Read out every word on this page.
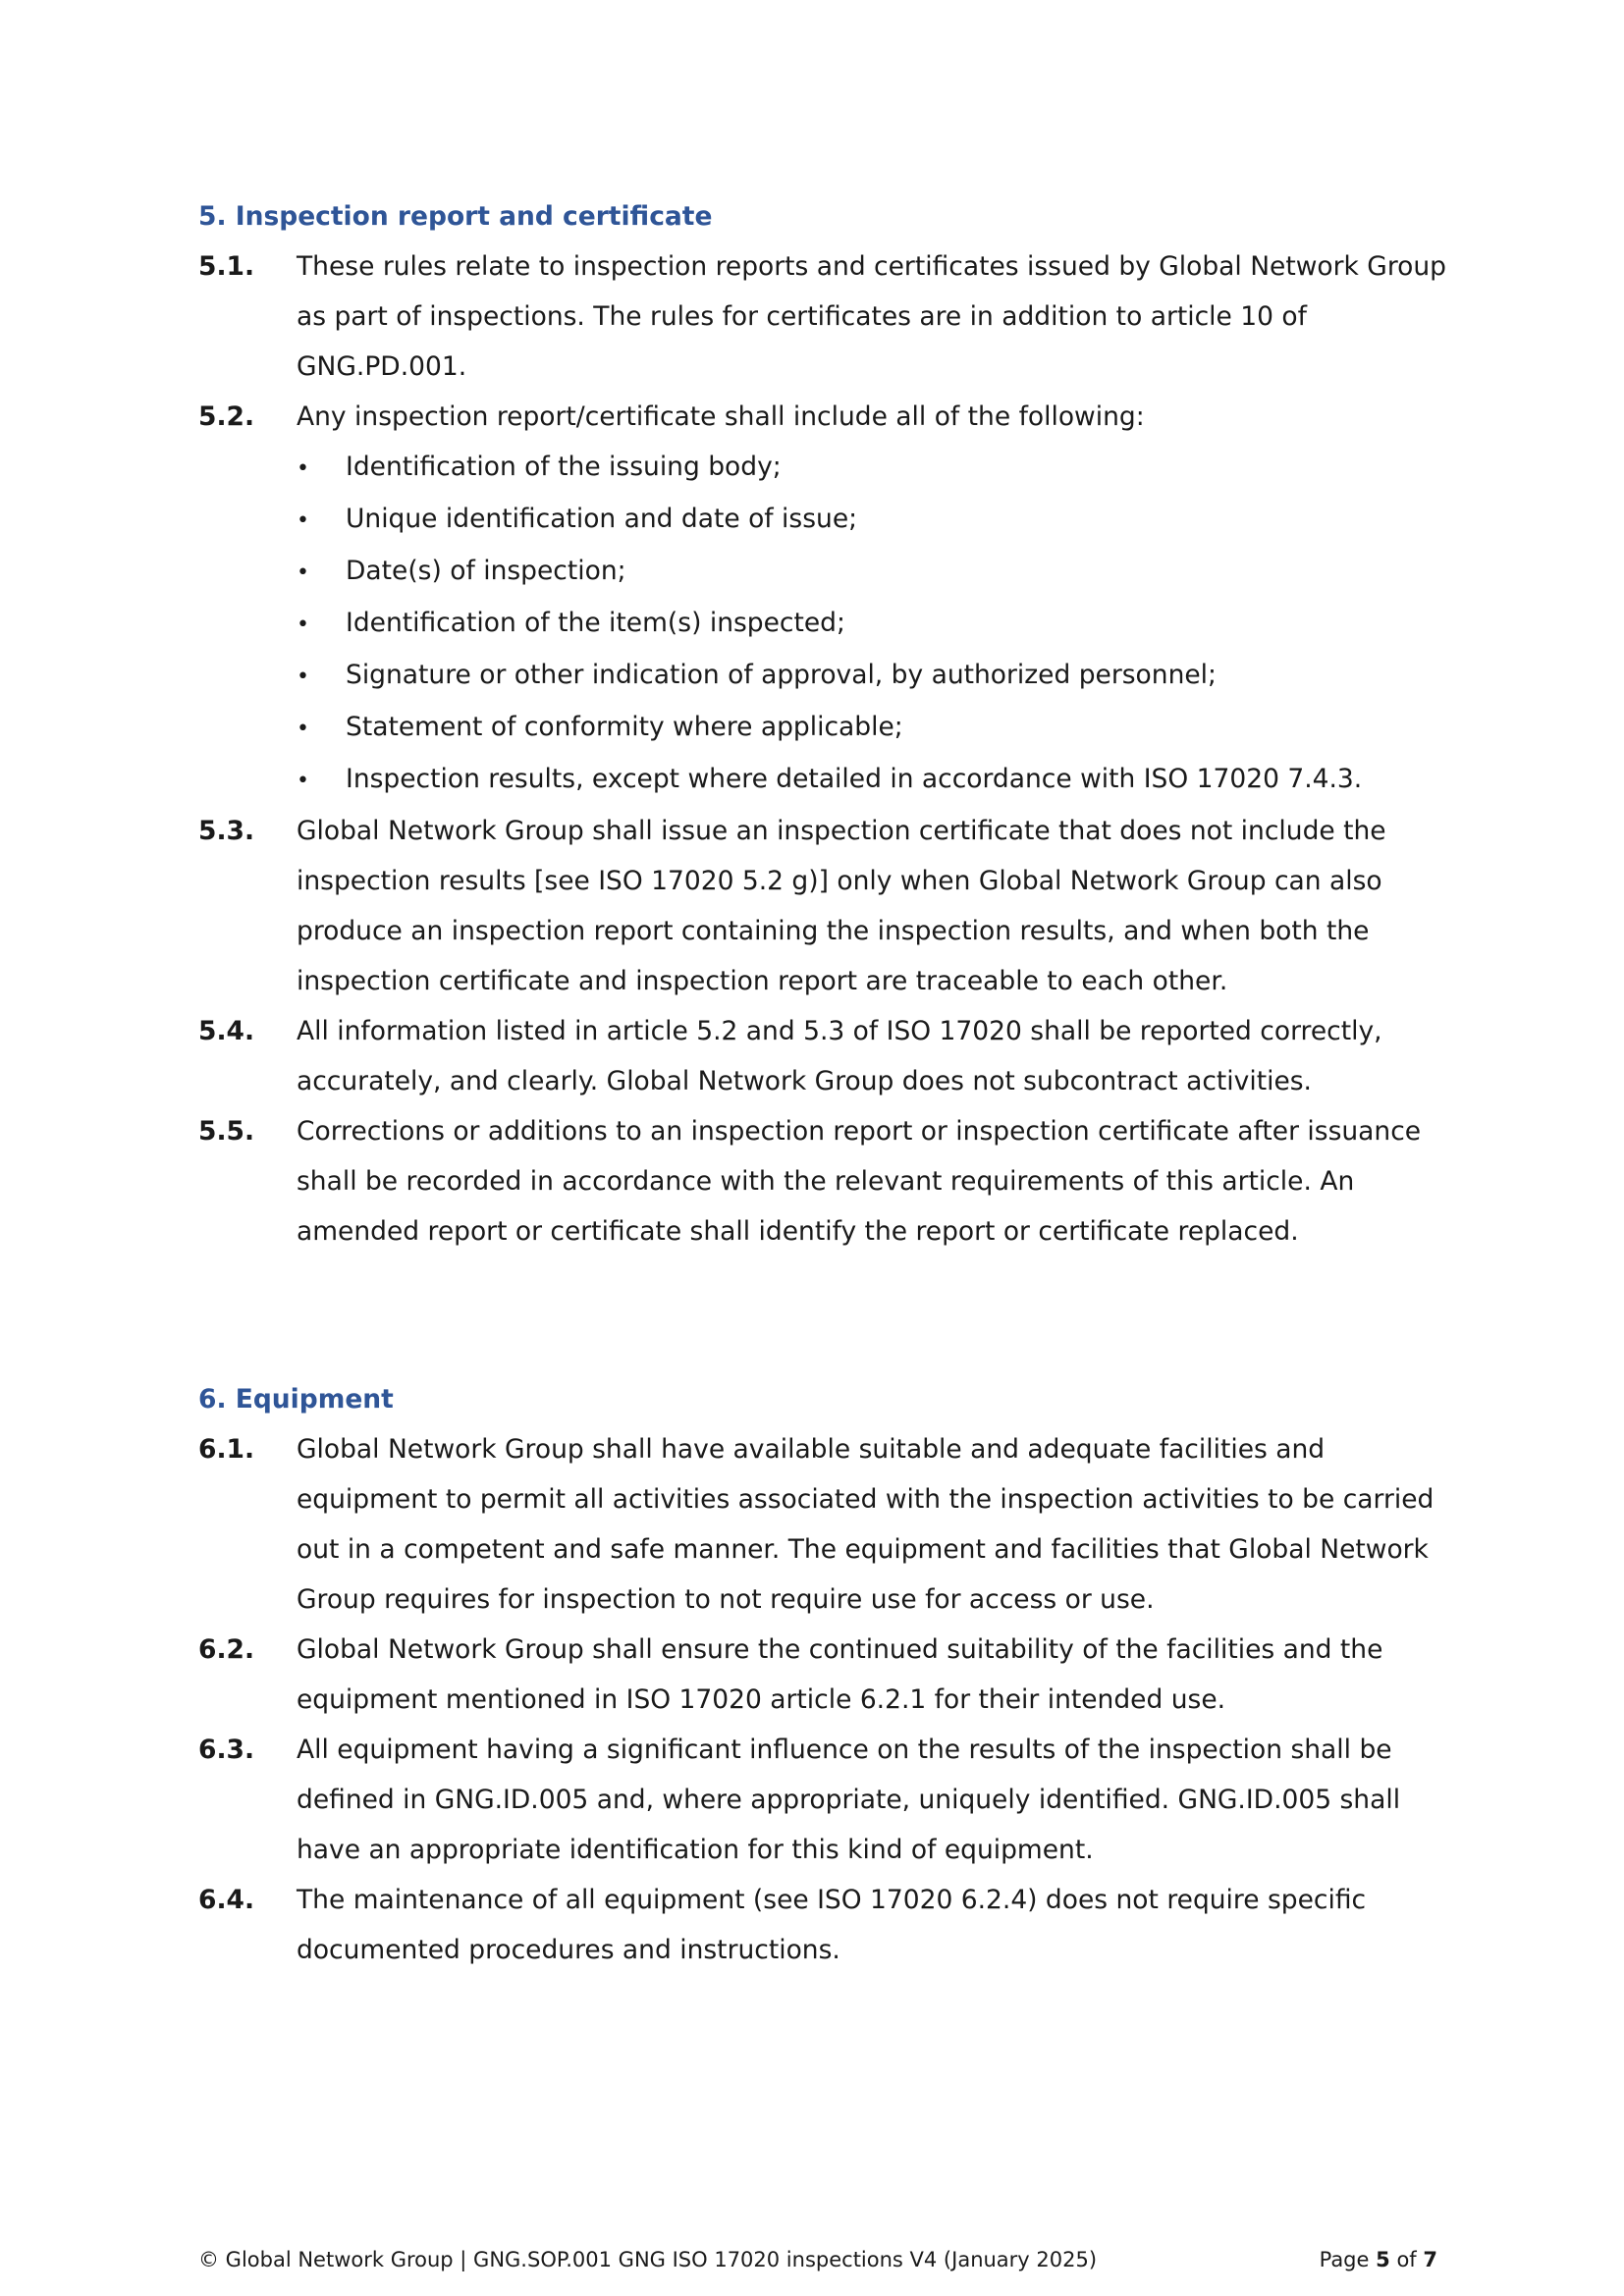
5. Inspection report and certificate
5.1.	These rules relate to inspection reports and certificates issued by Global Network Group as part of inspections. The rules for certificates are in addition to article 10 of GNG.PD.001.
5.2.	Any inspection report/certificate shall include all of the following:
•
Identification of the issuing body;
•
Unique identification and date of issue;
•
Date(s) of inspection;
•
Identification of the item(s) inspected;
•
Signature or other indication of approval, by authorized personnel;
•
Statement of conformity where applicable;
•
Inspection results, except where detailed in accordance with ISO 17020 7.4.3.
5.3.	Global Network Group shall issue an inspection certificate that does not include the inspection results [see ISO 17020 5.2 g)] only when Global Network Group can also produce an inspection report containing the inspection results, and when both the inspection certificate and inspection report are traceable to each other.
5.4.	All information listed in article 5.2 and 5.3 of ISO 17020 shall be reported correctly, accurately, and clearly. Global Network Group does not subcontract activities.
5.5.	Corrections or additions to an inspection report or inspection certificate after issuance shall be recorded in accordance with the relevant requirements of this article. An amended report or certificate shall identify the report or certificate replaced.
6. Equipment
6.1.	Global Network Group shall have available suitable and adequate facilities and equipment to permit all activities associated with the inspection activities to be carried out in a competent and safe manner. The equipment and facilities that Global Network Group requires for inspection to not require use for access or use.
6.2.	Global Network Group shall ensure the continued suitability of the facilities and the equipment mentioned in ISO 17020 article 6.2.1 for their intended use.
6.3.	All equipment having a significant influence on the results of the inspection shall be defined in GNG.ID.005 and, where appropriate, uniquely identified. GNG.ID.005 shall have an appropriate identification for this kind of equipment.
6.4.	The maintenance of all equipment (see ISO 17020 6.2.4) does not require specific documented procedures and instructions.
© Global Network Group | GNG.SOP.001 GNG ISO 17020 inspections V4 (January 2025)	Page 5 of 7
